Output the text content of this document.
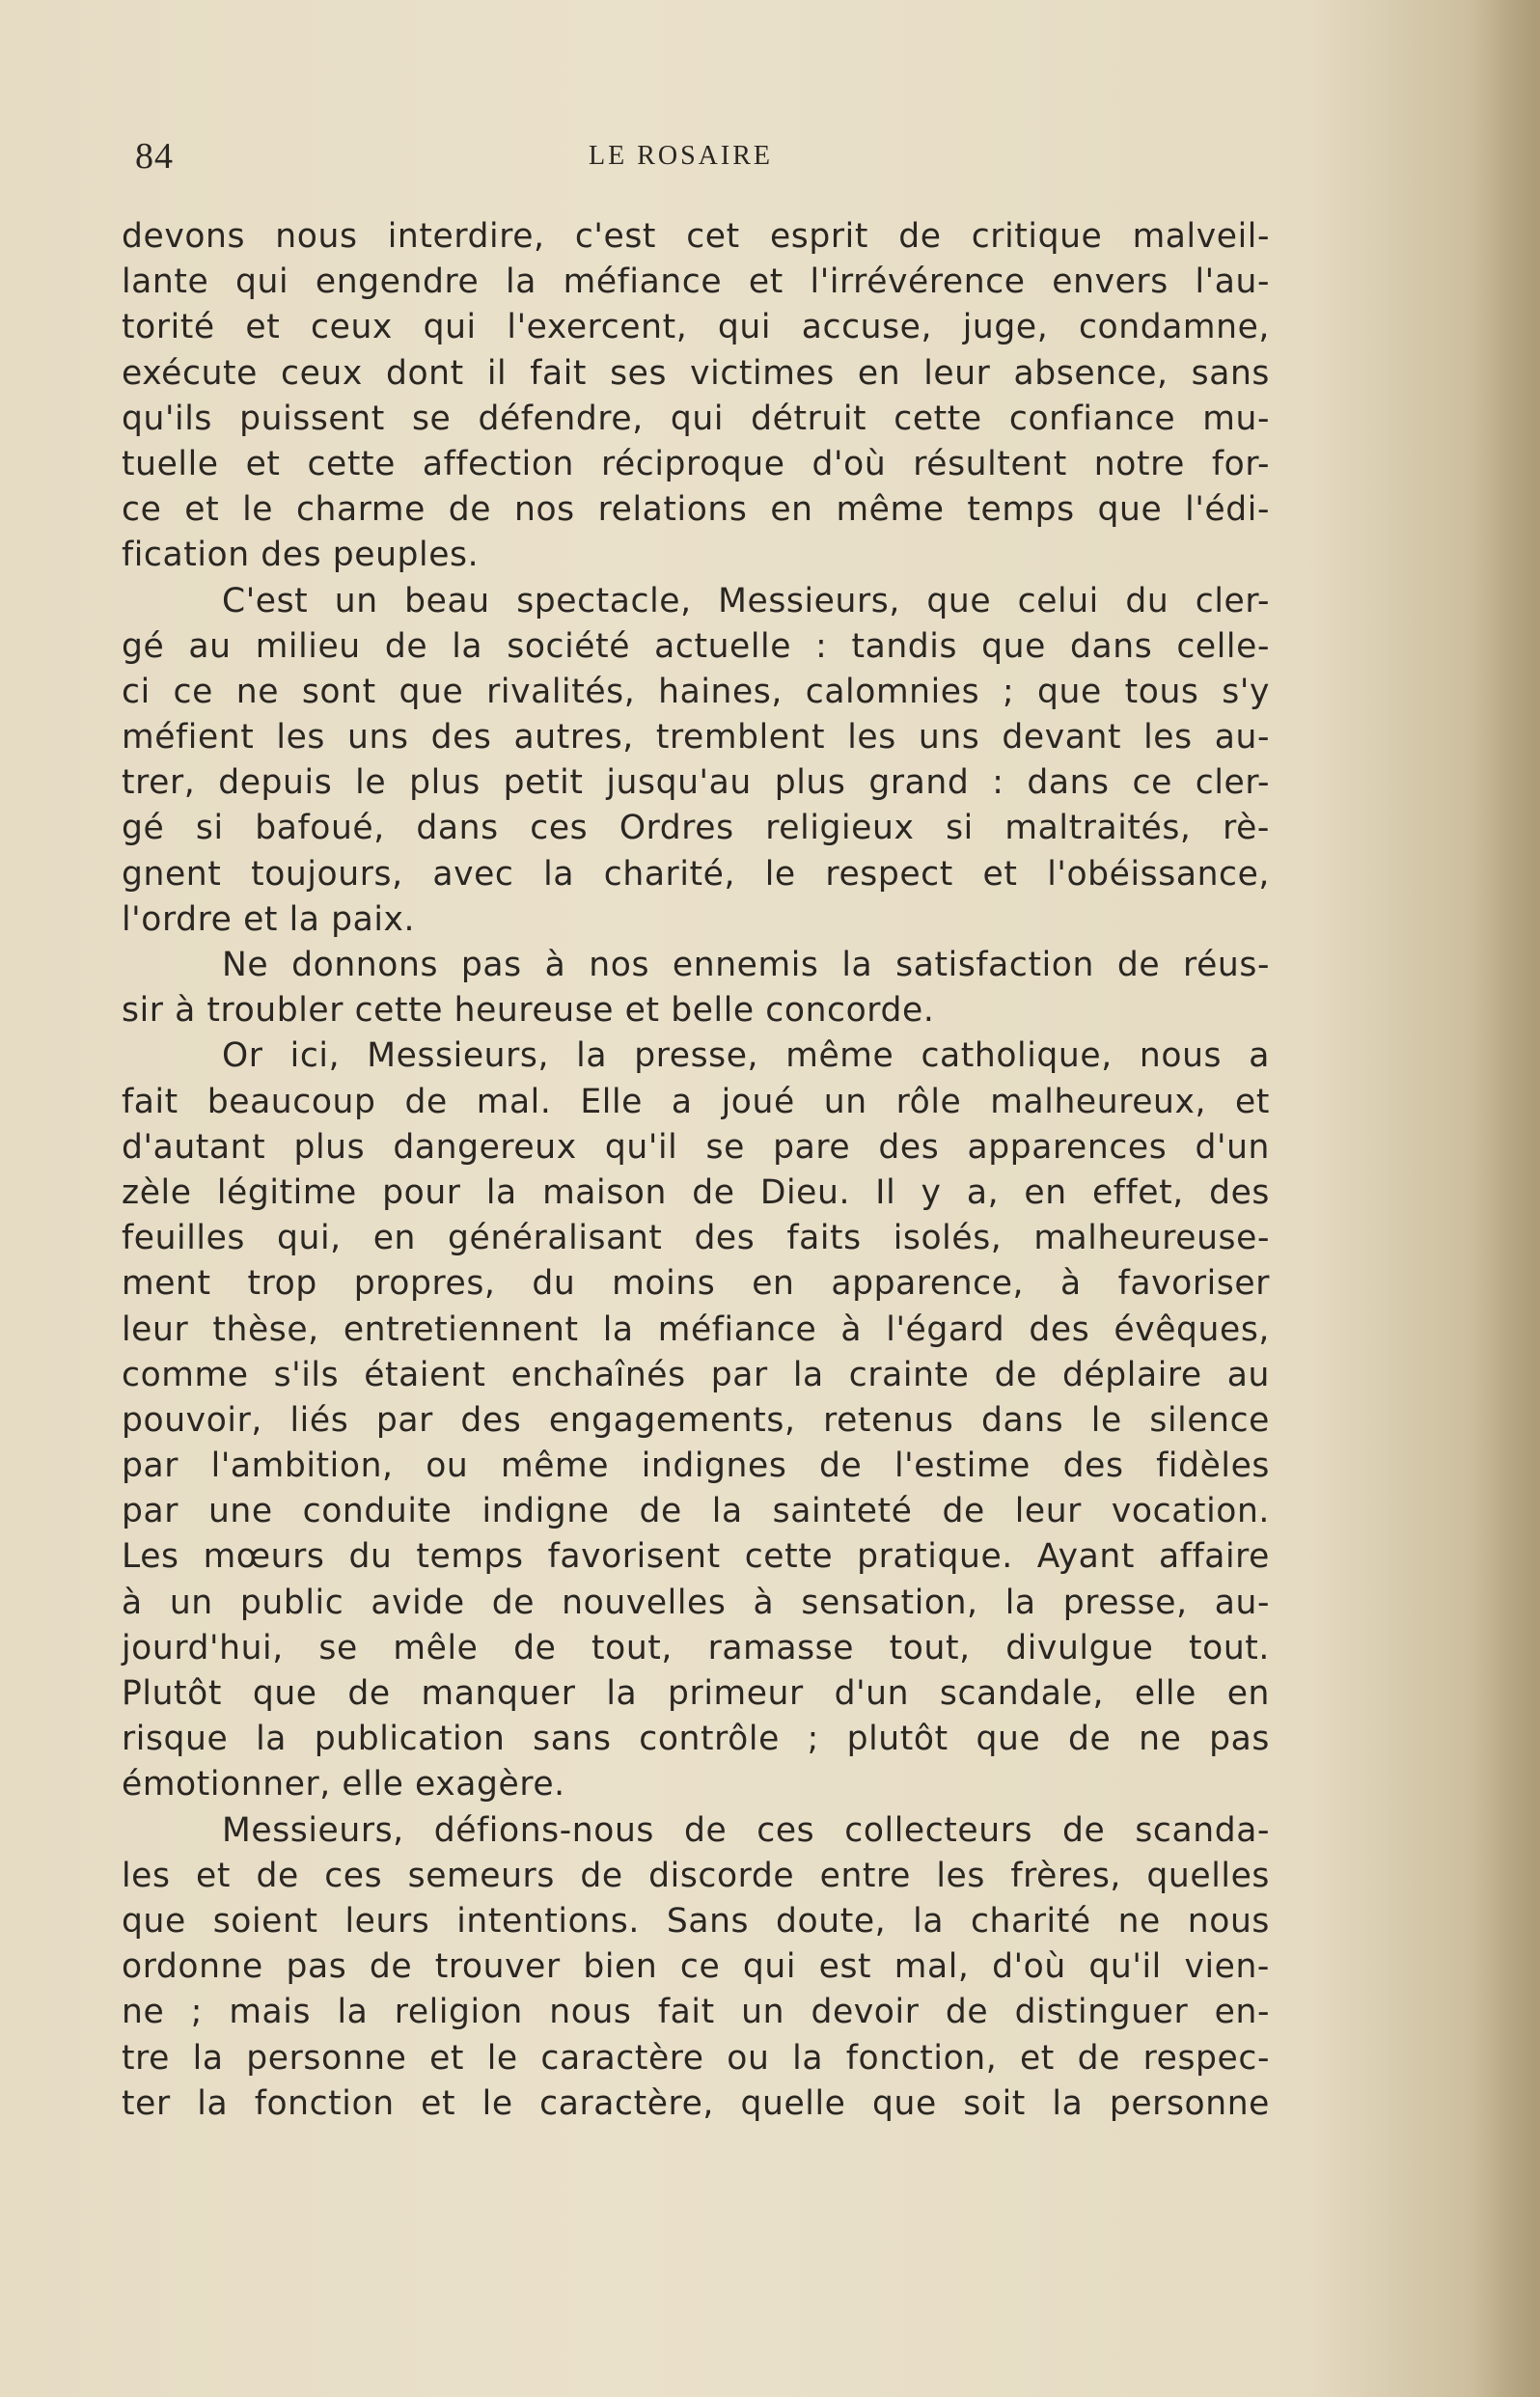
84	LE ROSAIRE
devons nous interdire, c'est cet esprit de critique malveil-
lante qui engendre la méfiance et l'irrévérence envers l'au-
torité et ceux qui l'exercent, qui accuse, juge, condamne,
exécute ceux dont il fait ses victimes en leur absence, sans
qu'ils puissent se défendre, qui détruit cette confiance mu-
tuelle et cette affection réciproque d'où résultent notre for-
ce et le charme de nos relations en même temps que l'édi-
fication des peuples.
C'est un beau spectacle, Messieurs, que celui du cler-
gé au milieu de la société actuelle : tandis que dans celle-
ci ce ne sont que rivalités, haines, calomnies ; que tous s'y
méfient les uns des autres, tremblent les uns devant les au-
trer, depuis le plus petit jusqu'au plus grand : dans ce cler-
gé si bafoué, dans ces Ordres religieux si maltraités, rè-
gnent toujours, avec la charité, le respect et l'obéissance,
l'ordre et la paix.
Ne donnons pas à nos ennemis la satisfaction de réus-
sir à troubler cette heureuse et belle concorde.
Or ici, Messieurs, la presse, même catholique, nous a
fait beaucoup de mal. Elle a joué un rôle malheureux, et
d'autant plus dangereux qu'il se pare des apparences d'un
zèle légitime pour la maison de Dieu. Il y a, en effet, des
feuilles qui, en généralisant des faits isolés, malheureuse-
ment trop propres, du moins en apparence, à favoriser
leur thèse, entretiennent la méfiance à l'égard des évêques,
comme s'ils étaient enchaînés par la crainte de déplaire au
pouvoir, liés par des engagements, retenus dans le silence
par l'ambition, ou même indignes de l'estime des fidèles
par une conduite indigne de la sainteté de leur vocation.
Les mœurs du temps favorisent cette pratique. Ayant affaire
à un public avide de nouvelles à sensation, la presse, au-
jourd'hui, se mêle de tout, ramasse tout, divulgue tout.
Plutôt que de manquer la primeur d'un scandale, elle en
risque la publication sans contrôle ; plutôt que de ne pas
émotionner, elle exagère.
Messieurs, défions-nous de ces collecteurs de scanda-
les et de ces semeurs de discorde entre les frères, quelles
que soient leurs intentions. Sans doute, la charité ne nous
ordonne pas de trouver bien ce qui est mal, d'où qu'il vien-
ne ; mais la religion nous fait un devoir de distinguer en-
tre la personne et le caractère ou la fonction, et de respec-
ter la fonction et le caractère, quelle que soit la personne
